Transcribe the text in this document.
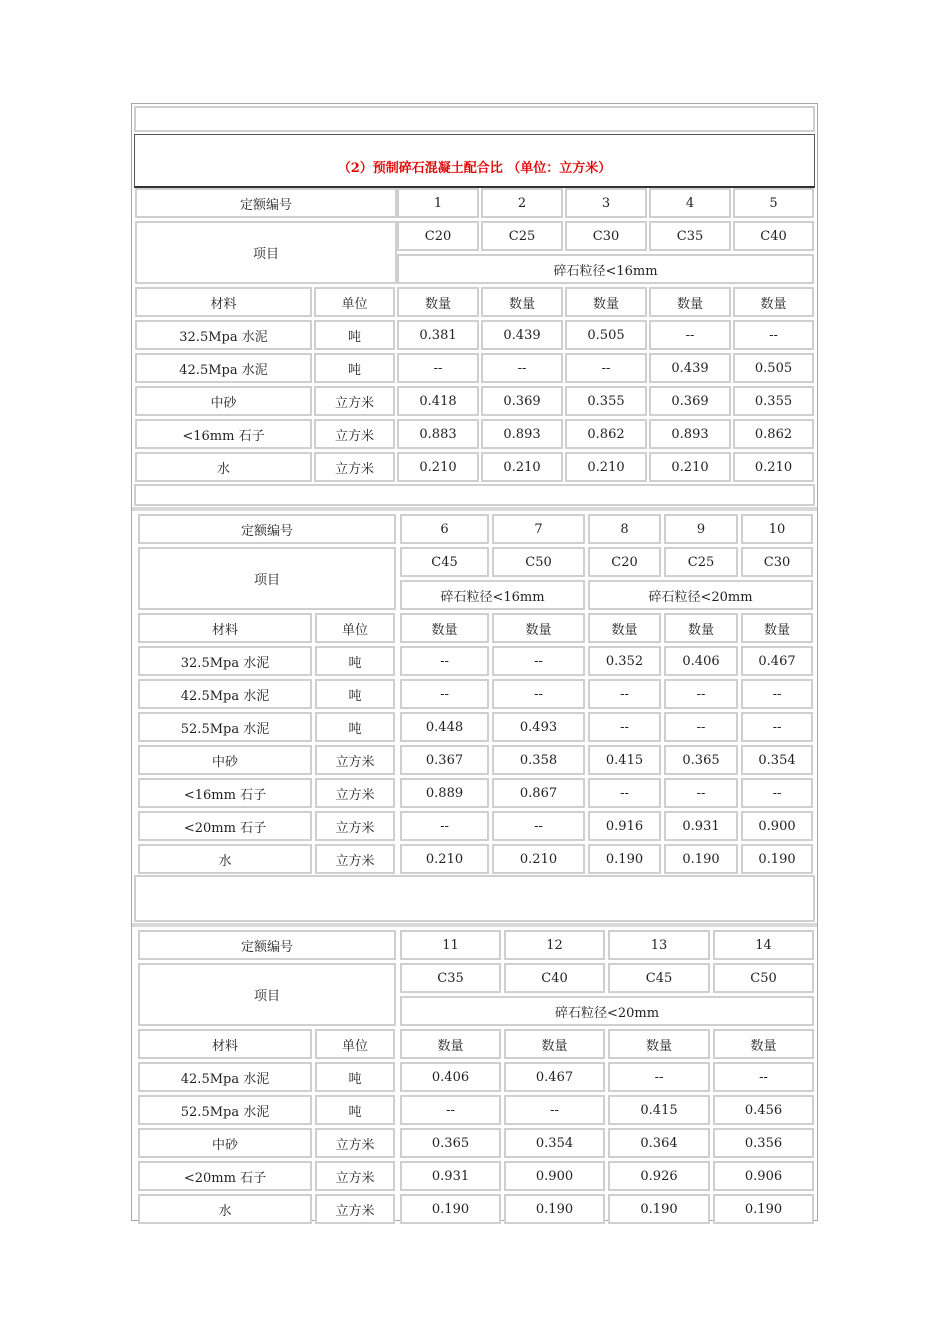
（2）预制碎石混凝土配合比 （单位：立方米）
定额编号	1	2	3	4	5
项目
C20	C25	C30	C35	C40
碎石粒径<16mm
材料	单位	数量	数量	数量	数量	数量
32.5Mpa 水泥	吨	0.381	0.439	0.505	--	--
42.5Mpa 水泥	吨	--	--	--	0.439	0.505
中砂	立方米	0.418	0.369	0.355	0.369	0.355
<16mm 石子	立方米	0.883	0.893	0.862	0.893	0.862
水	立方米	0.210	0.210	0.210	0.210	0.210
定额编号	6	7	8	9	10
项目
C45	C50	C20	C25	C30
碎石粒径<16mm	碎石粒径<20mm
材料	单位	数量	数量	数量	数量	数量
32.5Mpa 水泥	吨	--	--	0.352	0.406	0.467
42.5Mpa 水泥	吨	--	--	--	--	--
52.5Mpa 水泥	吨	0.448	0.493	--	--	--
中砂	立方米	0.367	0.358	0.415	0.365	0.354
<16mm 石子	立方米	0.889	0.867	--	--	--
<20mm 石子	立方米	--	--	0.916	0.931	0.900
水	立方米	0.210	0.210	0.190	0.190	0.190
定额编号	11	12	13	14
项目
C35	C40	C45	C50
碎石粒径<20mm
材料	单位	数量	数量	数量	数量
42.5Mpa 水泥	吨	0.406	0.467	--	--
52.5Mpa 水泥	吨	--	--	0.415	0.456
中砂	立方米	0.365	0.354	0.364	0.356
<20mm 石子	立方米	0.931	0.900	0.926	0.906
水	立方米	0.190	0.190	0.190	0.190
